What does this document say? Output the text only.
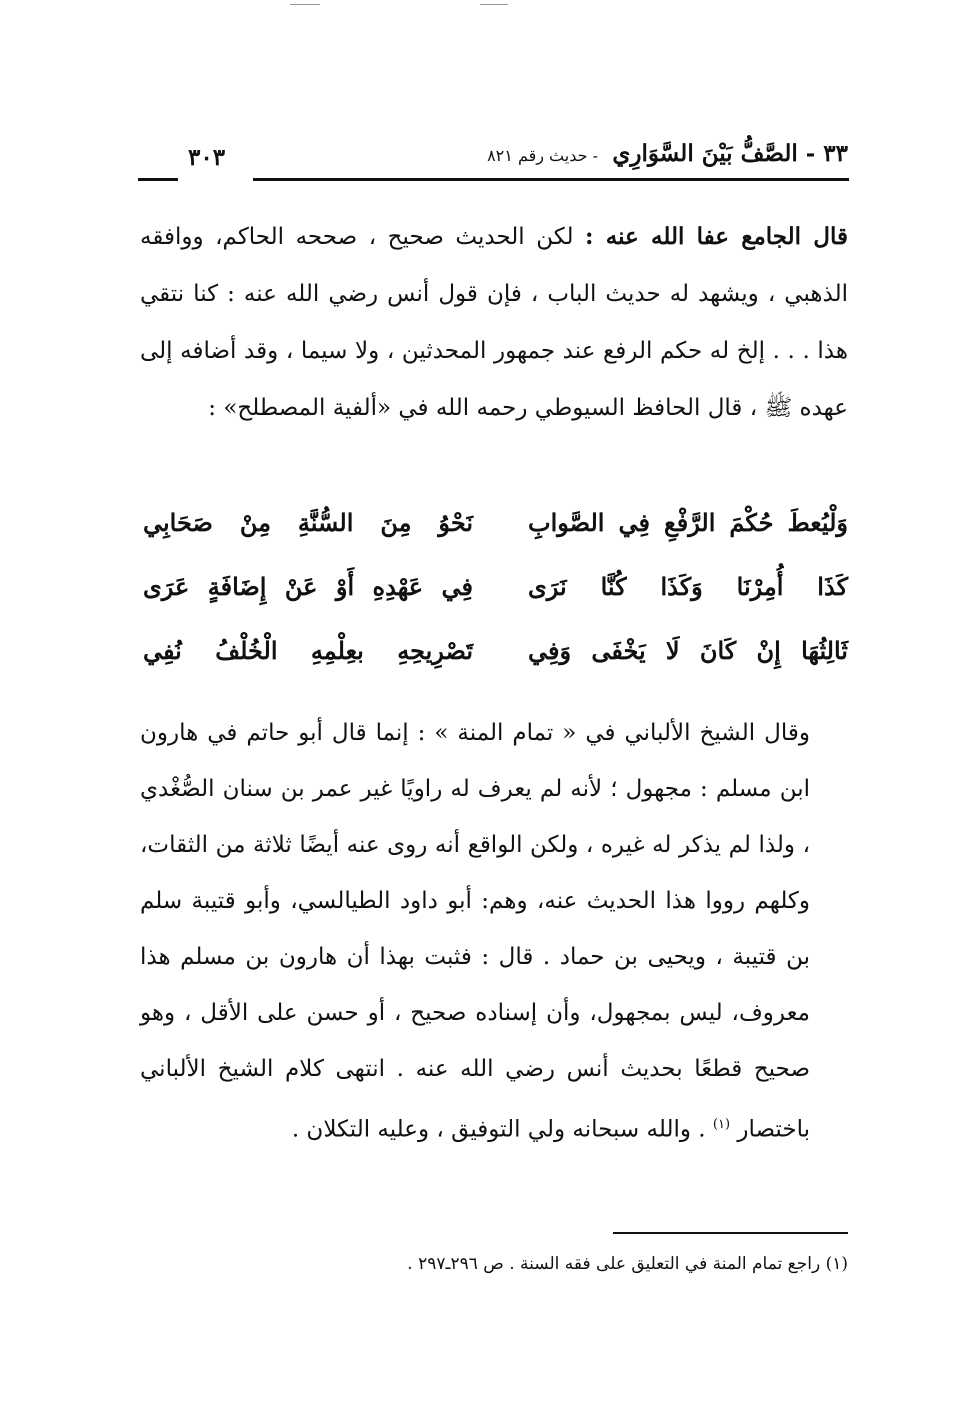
٣٣ - الصَّفُّ بَيْنَ السَّوَارِي
- حديث رقم ٨٢١
٣٠٣

قال الجامع عفا الله عنه : لكن الحديث صحيح ، صححه الحاكم، ووافقه الذهبي ، ويشهد له حديث الباب ، فإن قول أنس رضي الله عنه : كنا نتقي هذا . . . إلخ له حكم الرفع عند جمهور المحدثين ، ولا سيما ، وقد أضافه إلى عهده ﷺ ، قال الحافظ السيوطي رحمه الله في «ألفية المصطلح» :

وَلْيُعطَ حُكْمَ الرَّفْعِ فِي الصَّوابِ
نَحْوُ مِنَ السُّنَّةِ مِنْ صَحَابِي
كَذَا أُمِرْنَا وَكَذَا كُنَّا نَرَى
فِي عَهْدِهِ أَوْ عَنْ إِضَافَةٍ عَرَى
ثَالِثُهَا إِنْ كَانَ لَا يَخْفَى وَفِي
تَصْرِيحِهِ بعِلْمِهِ الْخُلْفُ نُفِي

وقال الشيخ الألباني في « تمام المنة » : إنما قال أبو حاتم في هارون ابن مسلم : مجهول ؛ لأنه لم يعرف له راويًا غير عمر بن سنان الصُّغْدي ، ولذا لم يذكر له غيره ، ولكن الواقع أنه روى عنه أيضًا ثلاثة من الثقات، وكلهم رووا هذا الحديث عنه، وهم: أبو داود الطيالسي، وأبو قتيبة سلم بن قتيبة ، ويحيى بن حماد . قال : فثبت بهذا أن هارون بن مسلم هذا معروف، ليس بمجهول، وأن إسناده صحيح ، أو حسن على الأقل ، وهو صحيح قطعًا بحديث أنس رضي الله عنه . انتهى كلام الشيخ الألباني باختصار $^{(١)}$ . والله سبحانه ولي التوفيق ، وعليه التكلان .

(١) راجع تمام المنة في التعليق على فقه السنة . ص ٢٩٦ـ٢٩٧ .
